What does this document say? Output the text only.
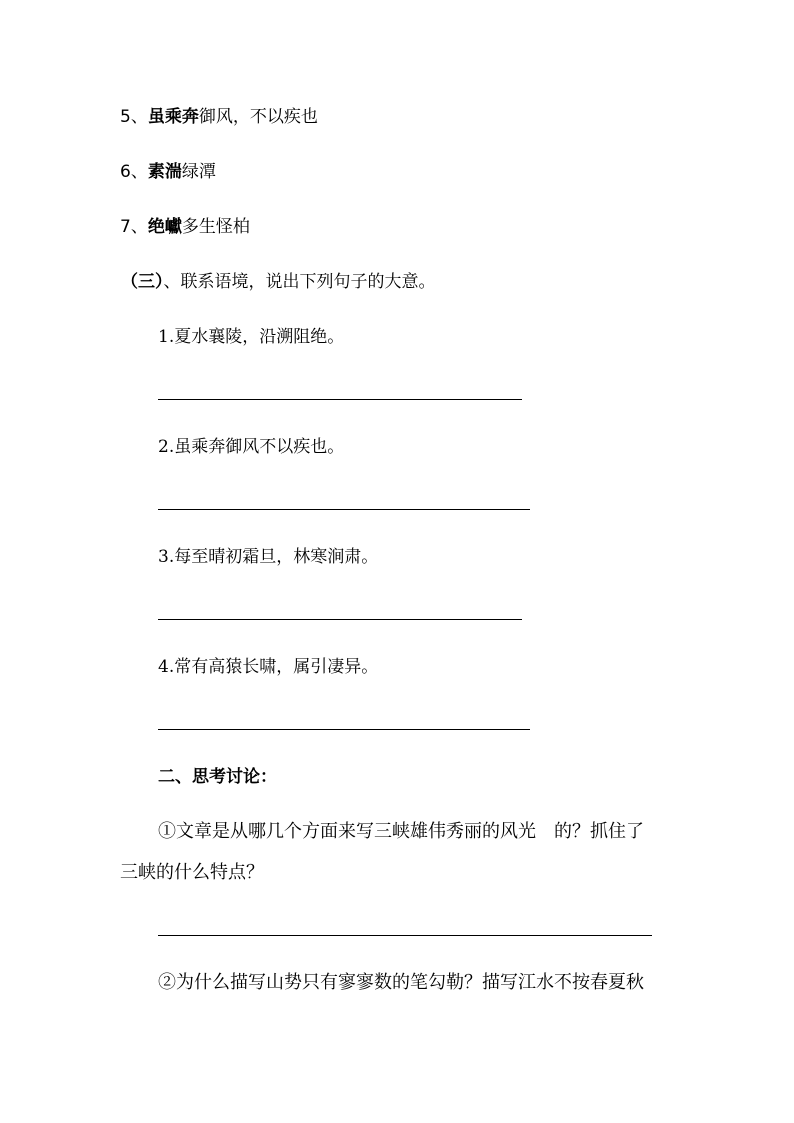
5、虽乘奔御风，不以疾也
6、素湍绿潭
7、绝巘多生怪柏
（三）、联系语境，说出下列句子的大意。
1.夏水襄陵，沿溯阻绝。
2.虽乘奔御风不以疾也。
3.每至晴初霜旦，林寒涧肃。
4.常有高猿长啸，属引凄异。
二、思考讨论：
①文章是从哪几个方面来写三峡雄伟秀丽的风光　的？抓住了
三峡的什么特点？
②为什么描写山势只有寥寥数的笔勾勒？描写江水不按春夏秋
